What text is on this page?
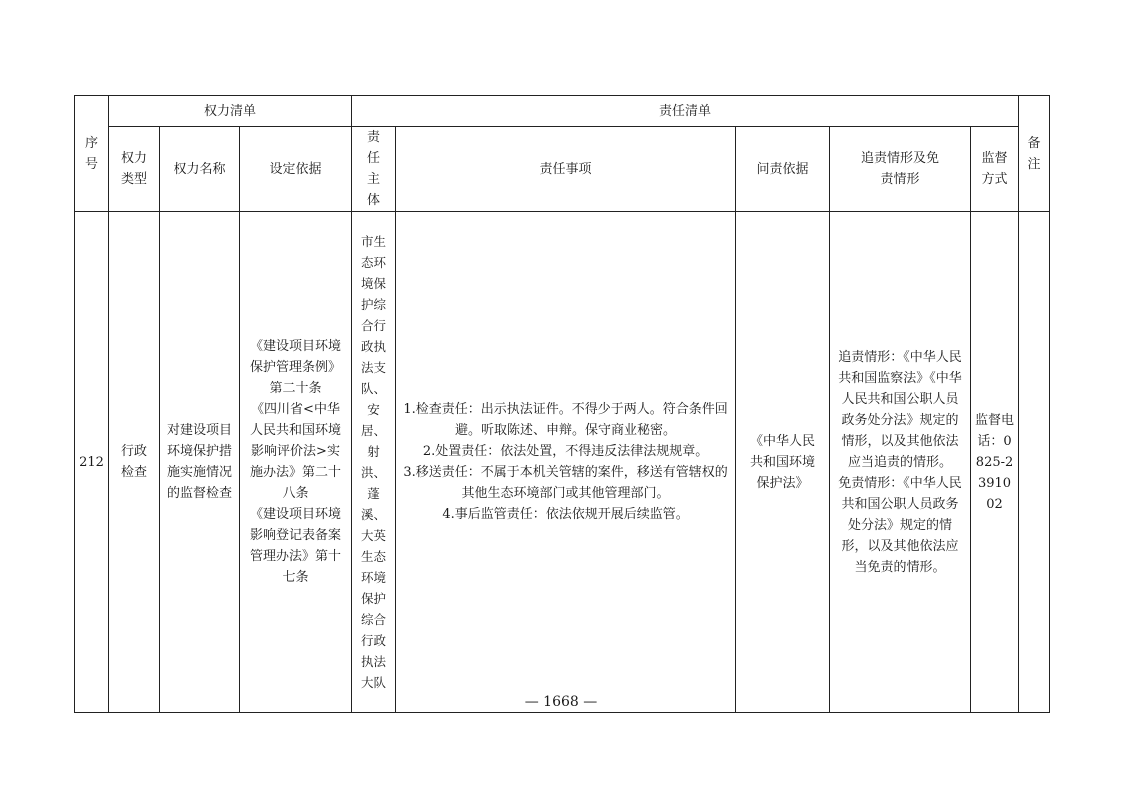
序号	权力清单			责任清单					备注
	权力类型	权力名称	设定依据	责任主体	责任事项	问责依据	追责情形及免责情形	监督方式	
212	行政检查	对建设项目环境保护措施实施情况的监督检查	《建设项目环境保护管理条例》第二十条
《四川省<中华人民共和国环境影响评价法>实施办法》第二十八条
《建设项目环境影响登记表备案管理办法》第十七条	市生态环境保护综合行政执法支队、安居、射洪、蓬溪、大英生态环境保护综合行政执法大队	1.检查责任：出示执法证件。不得少于两人。符合条件回避。听取陈述、申辩。保守商业秘密。
2.处置责任：依法处置，不得违反法律法规规章。
3.移送责任：不属于本机关管辖的案件，移送有管辖权的其他生态环境部门或其他管理部门。
4.事后监管责任：依法依规开展后续监管。	《中华人民共和国环境保护法》	追责情形：《中华人民共和国监察法》《中华人民共和国公职人员政务处分法》规定的情形，以及其他依法应当追责的情形。
免责情形：《中华人民共和国公职人员政务处分法》规定的情形，以及其他依法应当免责的情形。	监督电话：0825-2391002	
— 1668 —
